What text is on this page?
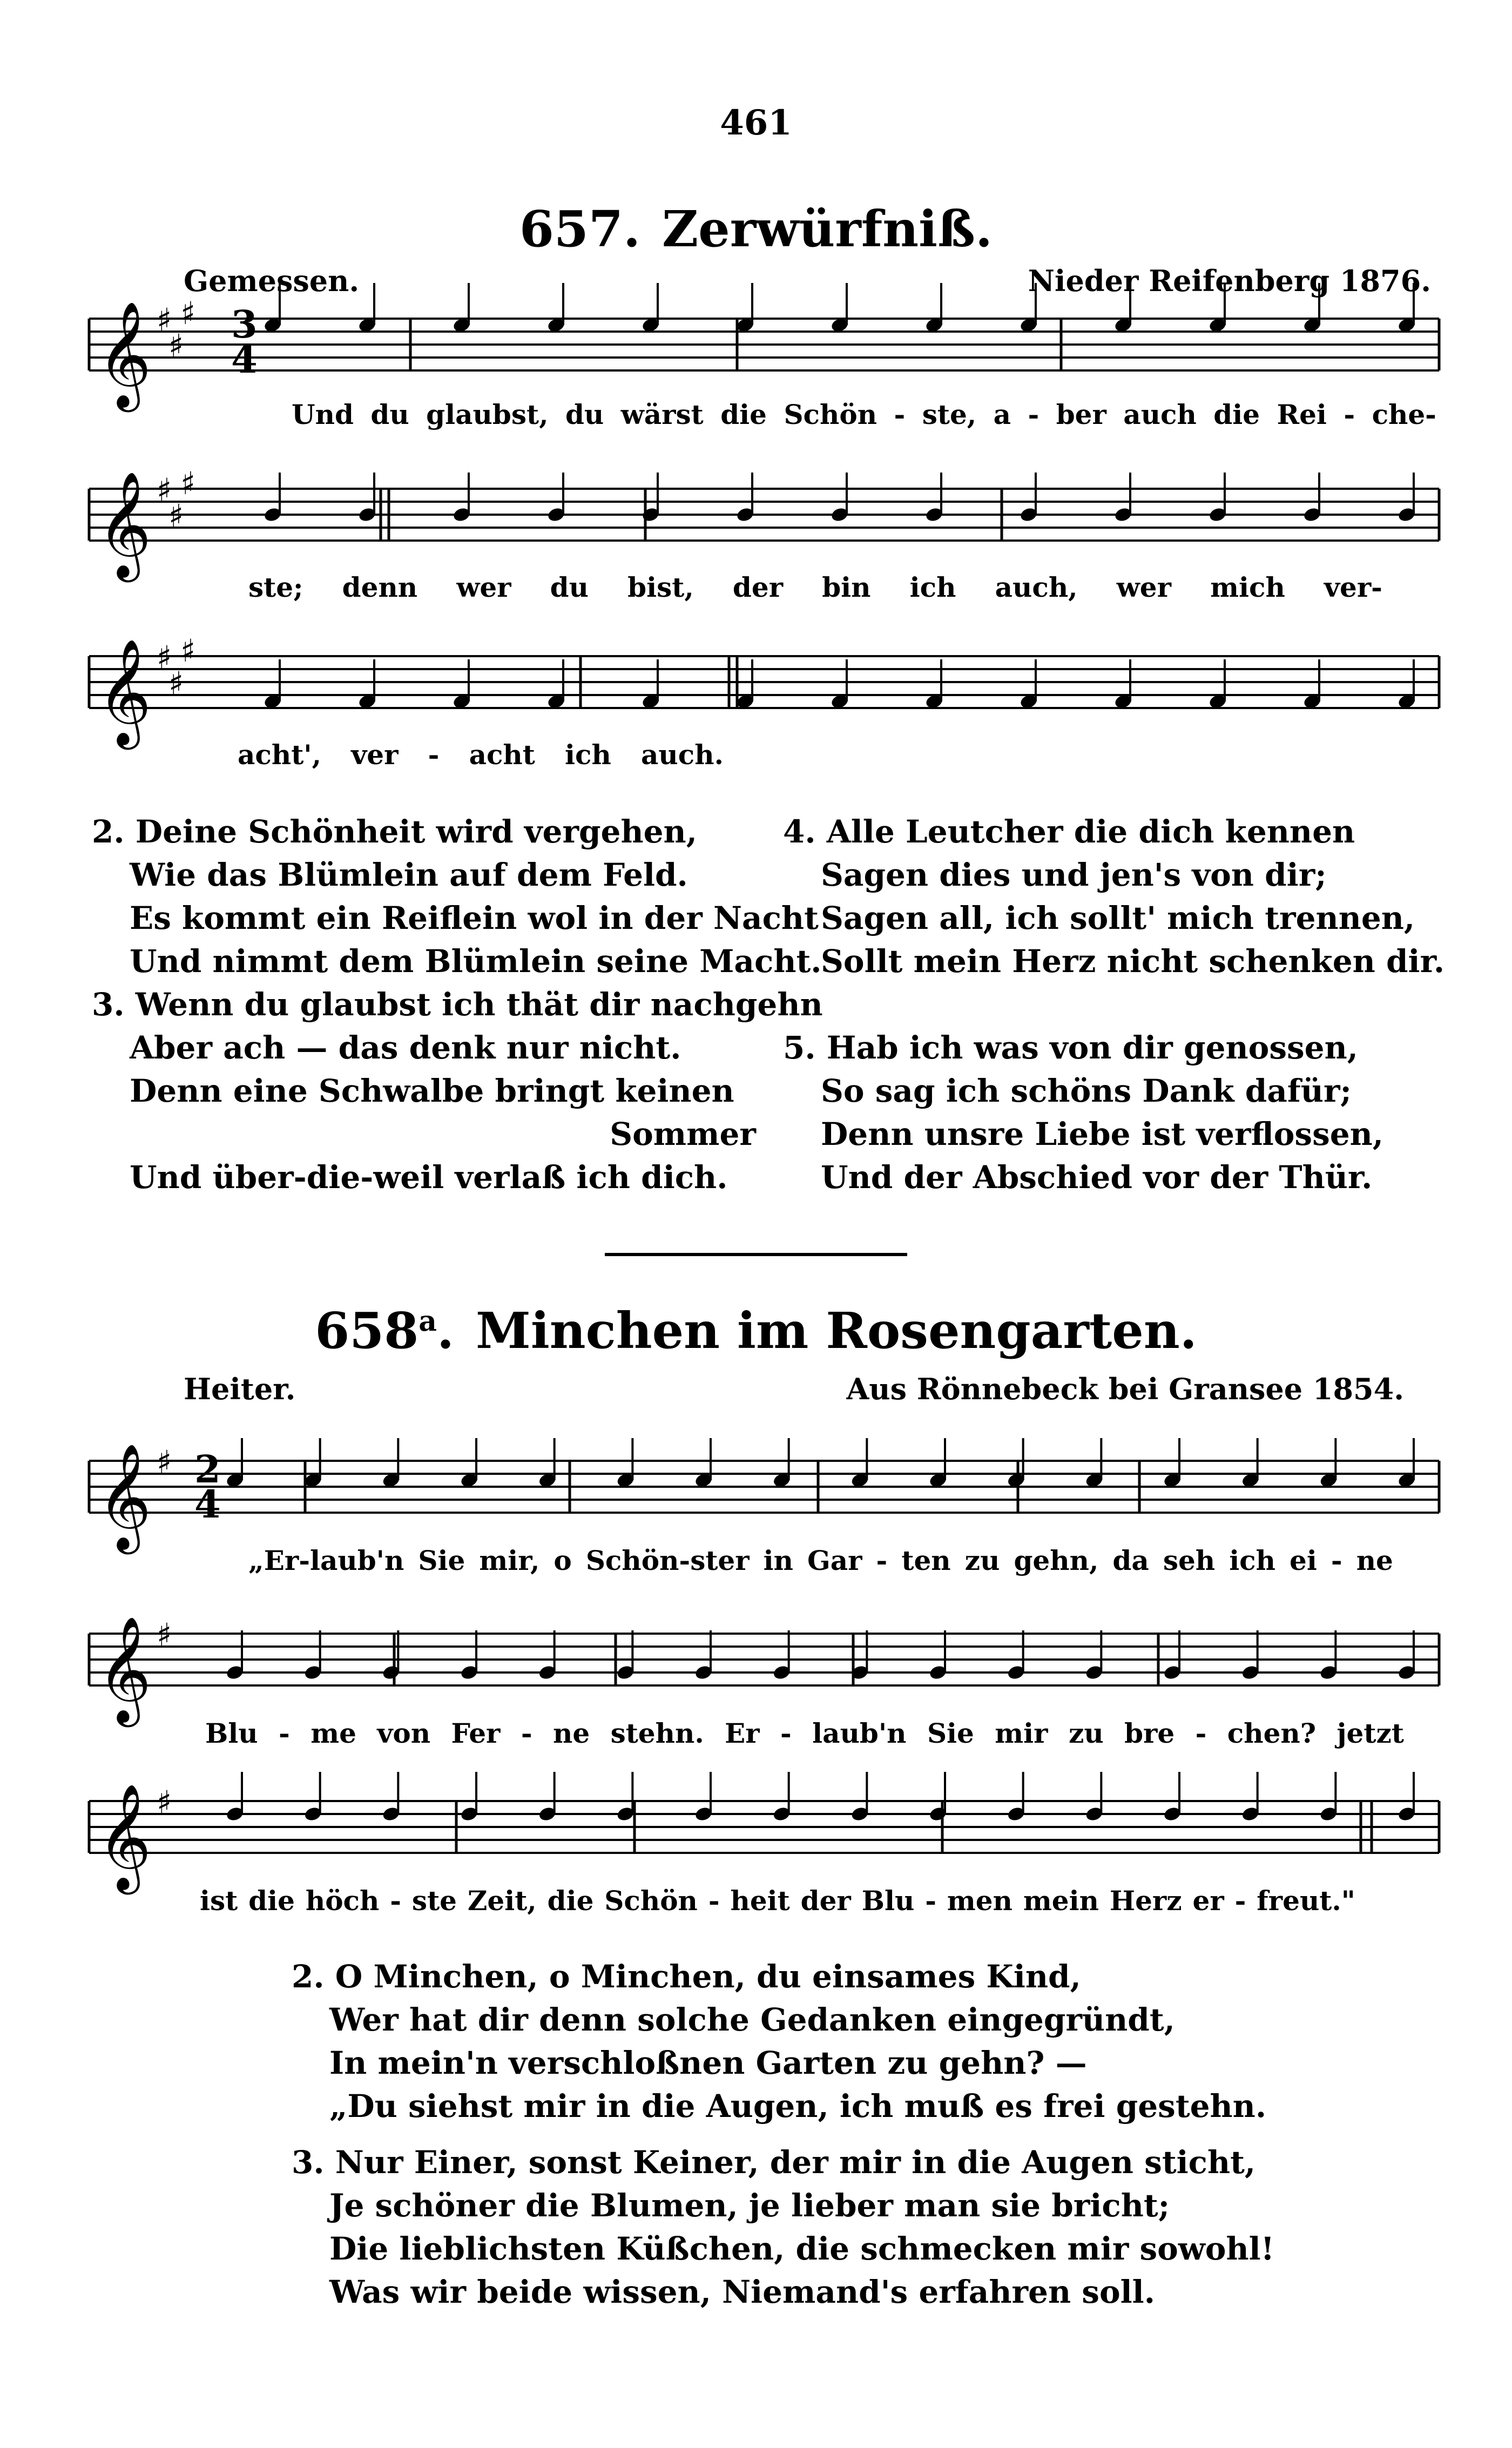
461
657. Zerwürfniß.
Gemessen.	Nieder Reifenberg 1876.
𝄞 ♯
♯
♯
𝄞 ♯
♯
♯
𝄞 ♯
♯
♯
𝄞 ♯
𝄞 ♯
𝄞 ♯
3
4
2
4
Und du glaubst, du wärst die Schön - ste, a - ber auch die Rei - che-
ste; denn wer du bist, der bin ich auch, wer mich ver-
acht', ver - acht ich auch.
2. Deine Schönheit wird vergehen,
Wie das Blümlein auf dem Feld.
Es kommt ein Reiflein wol in der Nacht
Und nimmt dem Blümlein seine Macht.
3. Wenn du glaubst ich thät dir nachgehn
Aber ach — das denk nur nicht.
Denn eine Schwalbe bringt keinen
Sommer
Und über-die-weil verlaß ich dich.
4. Alle Leutcher die dich kennen
Sagen dies und jen's von dir;
Sagen all, ich sollt' mich trennen,
Sollt mein Herz nicht schenken dir.
5. Hab ich was von dir genossen,
So sag ich schöns Dank dafür;
Denn unsre Liebe ist verflossen,
Und der Abschied vor der Thür.
658$^a$. Minchen im Rosengarten.
Heiter.	Aus Rönnebeck bei Gransee 1854.
„Er-laub'n Sie mir, o Schön-ster in Gar - ten zu gehn, da seh ich ei - ne
Blu - me von Fer - ne stehn. Er - laub'n Sie mir zu bre - chen? jetzt
ist die höch - ste Zeit, die Schön - heit der Blu - men mein Herz er - freut."
2. O Minchen, o Minchen, du einsames Kind,
Wer hat dir denn solche Gedanken eingegründt,
In mein'n verschloßnen Garten zu gehn? —
„Du siehst mir in die Augen, ich muß es frei gestehn.
3. Nur Einer, sonst Keiner, der mir in die Augen sticht,
Je schöner die Blumen, je lieber man sie bricht;
Die lieblichsten Küßchen, die schmecken mir sowohl!
Was wir beide wissen, Niemand's erfahren soll.
